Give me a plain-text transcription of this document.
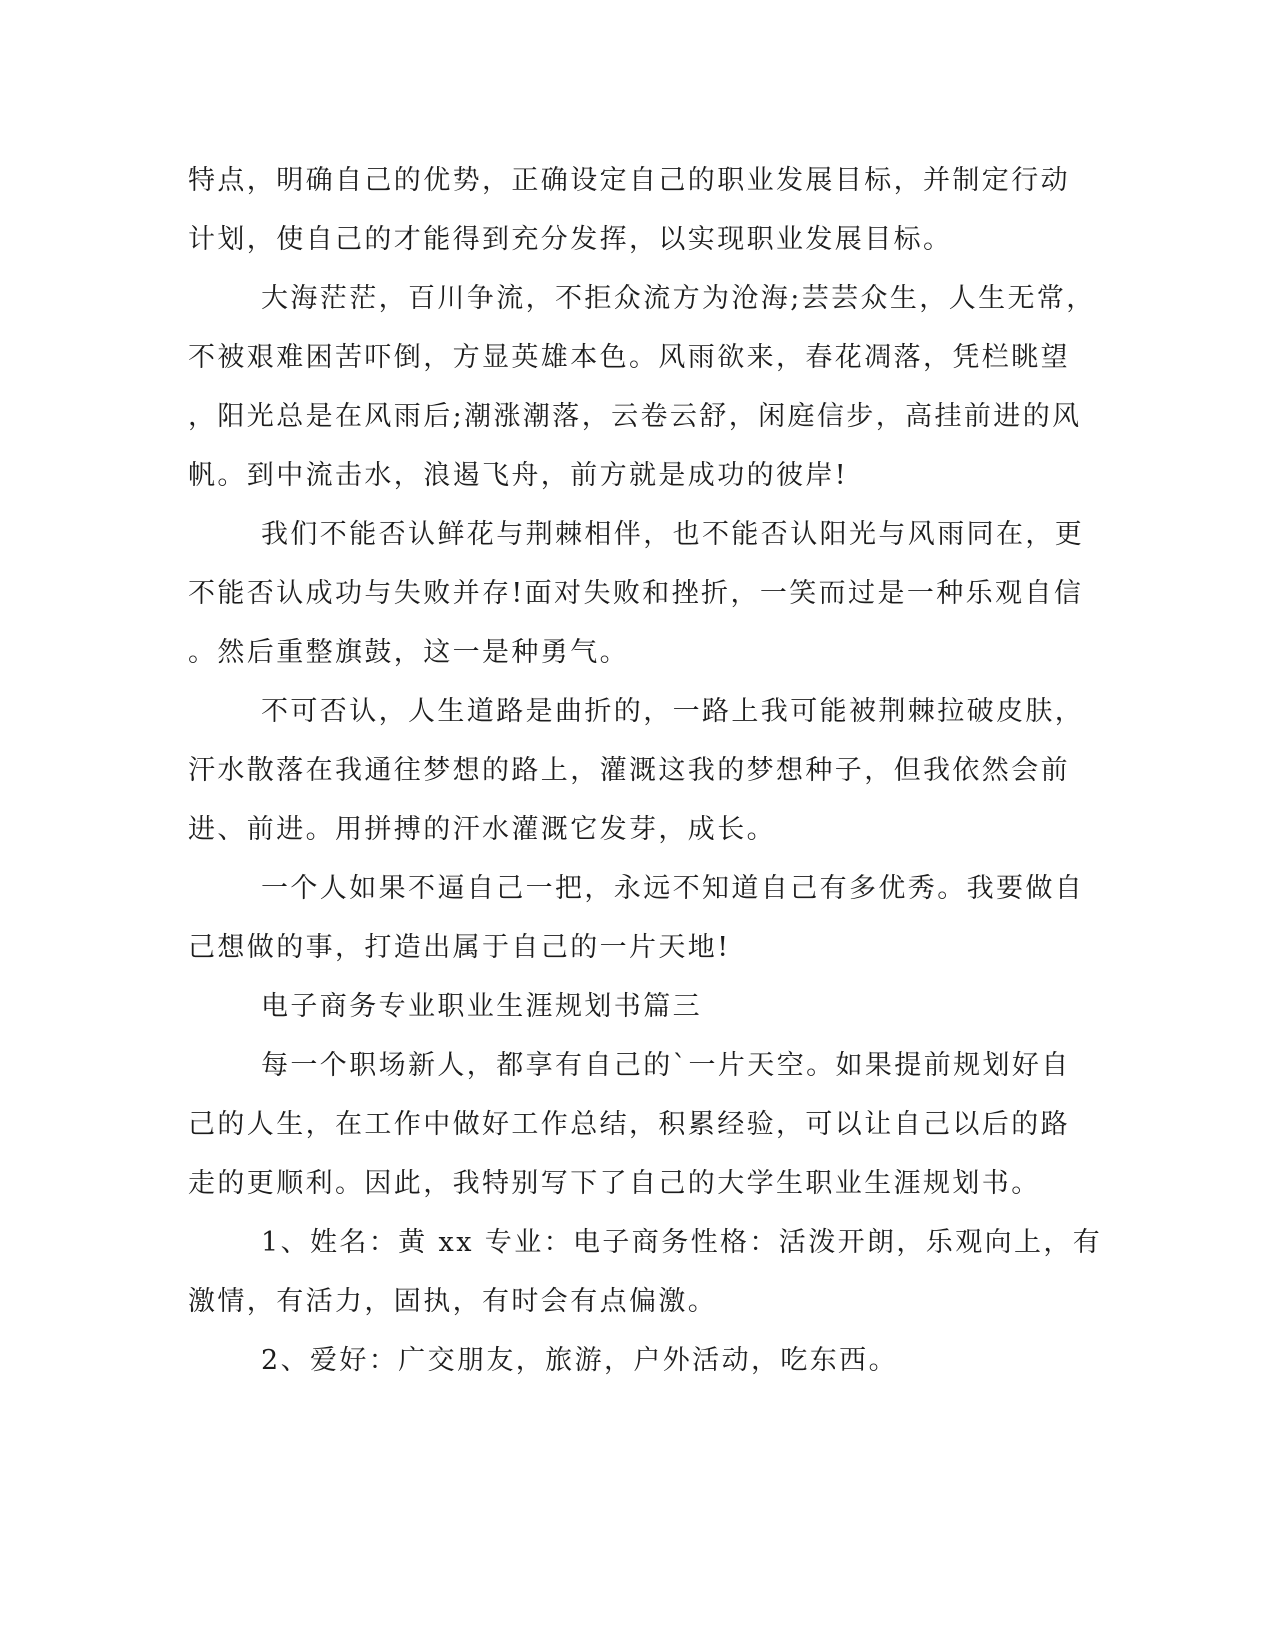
特点，明确自己的优势，正确设定自己的职业发展目标，并制定行动
计划，使自己的才能得到充分发挥，以实现职业发展目标。
大海茫茫，百川争流，不拒众流方为沧海;芸芸众生，人生无常，
不被艰难困苦吓倒，方显英雄本色。风雨欲来，春花凋落，凭栏眺望
，阳光总是在风雨后;潮涨潮落，云卷云舒，闲庭信步，高挂前进的风
帆。到中流击水，浪遏飞舟，前方就是成功的彼岸!
我们不能否认鲜花与荆棘相伴，也不能否认阳光与风雨同在，更
不能否认成功与失败并存!面对失败和挫折，一笑而过是一种乐观自信
。然后重整旗鼓，这一是种勇气。
不可否认，人生道路是曲折的，一路上我可能被荆棘拉破皮肤，
汗水散落在我通往梦想的路上，灌溉这我的梦想种子，但我依然会前
进、前进。用拼搏的汗水灌溉它发芽，成长。
一个人如果不逼自己一把，永远不知道自己有多优秀。我要做自
己想做的事，打造出属于自己的一片天地!
电子商务专业职业生涯规划书篇三
每一个职场新人，都享有自己的`一片天空。如果提前规划好自
己的人生，在工作中做好工作总结，积累经验，可以让自己以后的路
走的更顺利。因此，我特别写下了自己的大学生职业生涯规划书。
1、姓名：黄 xx 专业：电子商务性格：活泼开朗，乐观向上，有
激情，有活力，固执，有时会有点偏激。
2、爱好：广交朋友，旅游，户外活动，吃东西。
